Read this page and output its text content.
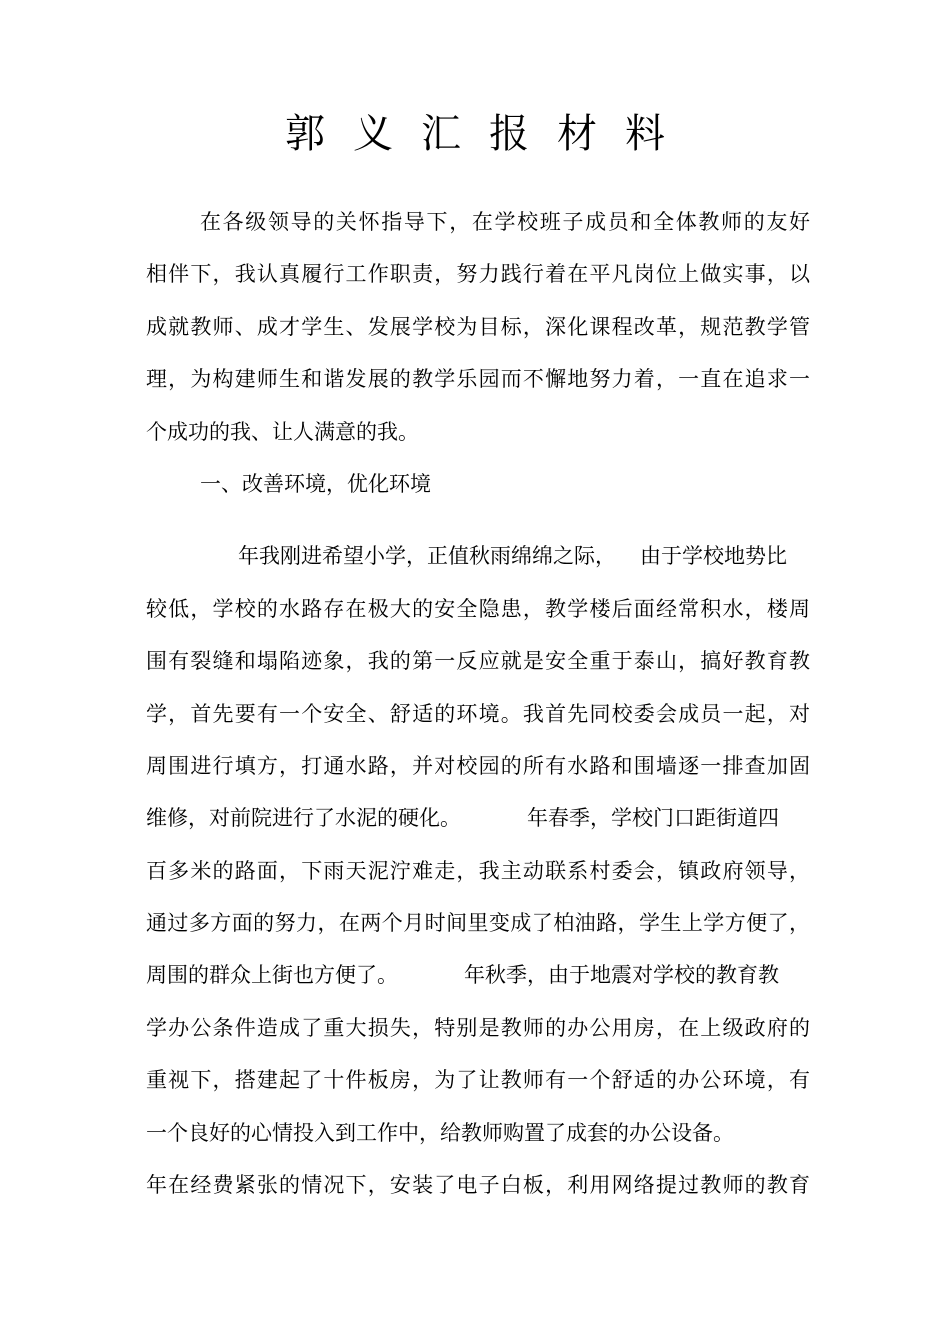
郭义汇报材料
在各级领导的关怀指导下，在学校班子成员和全体教师的友好
相伴下，我认真履行工作职责，努力践行着在平凡岗位上做实事，以
成就教师、成才学生、发展学校为目标，深化课程改革，规范教学管
理，为构建师生和谐发展的教学乐园而不懈地努力着，一直在追求一
个成功的我、让人满意的我。
一、改善环境，优化环境
年我刚进希望小学，正值秋雨绵绵之际， 由于学校地势比
较低，学校的水路存在极大的安全隐患，教学楼后面经常积水，楼周
围有裂缝和塌陷迹象，我的第一反应就是安全重于泰山，搞好教育教
学，首先要有一个安全、舒适的环境。我首先同校委会成员一起，对
周围进行填方，打通水路，并对校园的所有水路和围墙逐一排查加固
维修，对前院进行了水泥的硬化。	年春季，学校门口距街道四
百多米的路面，下雨天泥泞难走，我主动联系村委会，镇政府领导，
通过多方面的努力，在两个月时间里变成了柏油路，学生上学方便了，
周围的群众上街也方便了。	年秋季，由于地震对学校的教育教
学办公条件造成了重大损失，特别是教师的办公用房，在上级政府的
重视下，搭建起了十件板房，为了让教师有一个舒适的办公环境，有
一个良好的心情投入到工作中，给教师购置了成套的办公设备。
年在经费紧张的情况下，安装了电子白板，利用网络提过教师的教育
